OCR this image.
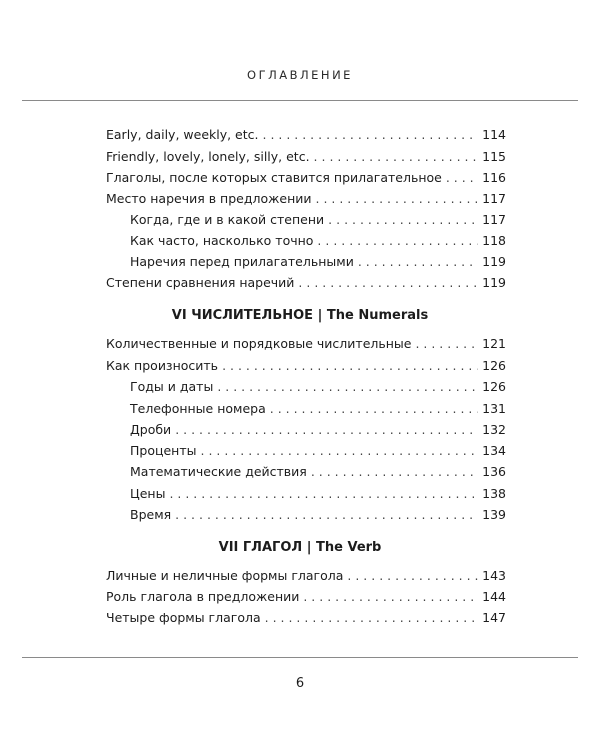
ОГЛАВЛЕНИЕ
Early, daily, weekly, etc. . . .	114
Friendly, lovely, lonely, silly, etc. . . .	115
Глаголы, после которых ставится прилагательное . . .	116
Место наречия в предложении . . .	117
Когда, где и в какой степени . . .	117
Как часто, насколько точно . . .	118
Наречия перед прилагательными . . .	119
Степени сравнения наречий . . .	119
VI ЧИСЛИТЕЛЬНОЕ | The Numerals
Количественные и порядковые числительные . . .	121
Как произносить . . .	126
Годы и даты . . .	126
Телефонные номера . . .	131
Дроби . . .	132
Проценты . . .	134
Математические действия . . .	136
Цены . . .	138
Время . . .	139
VII ГЛАГОЛ | The Verb
Личные и неличные формы глагола . . .	143
Роль глагола в предложении . . .	144
Четыре формы глагола . . .	147
6
